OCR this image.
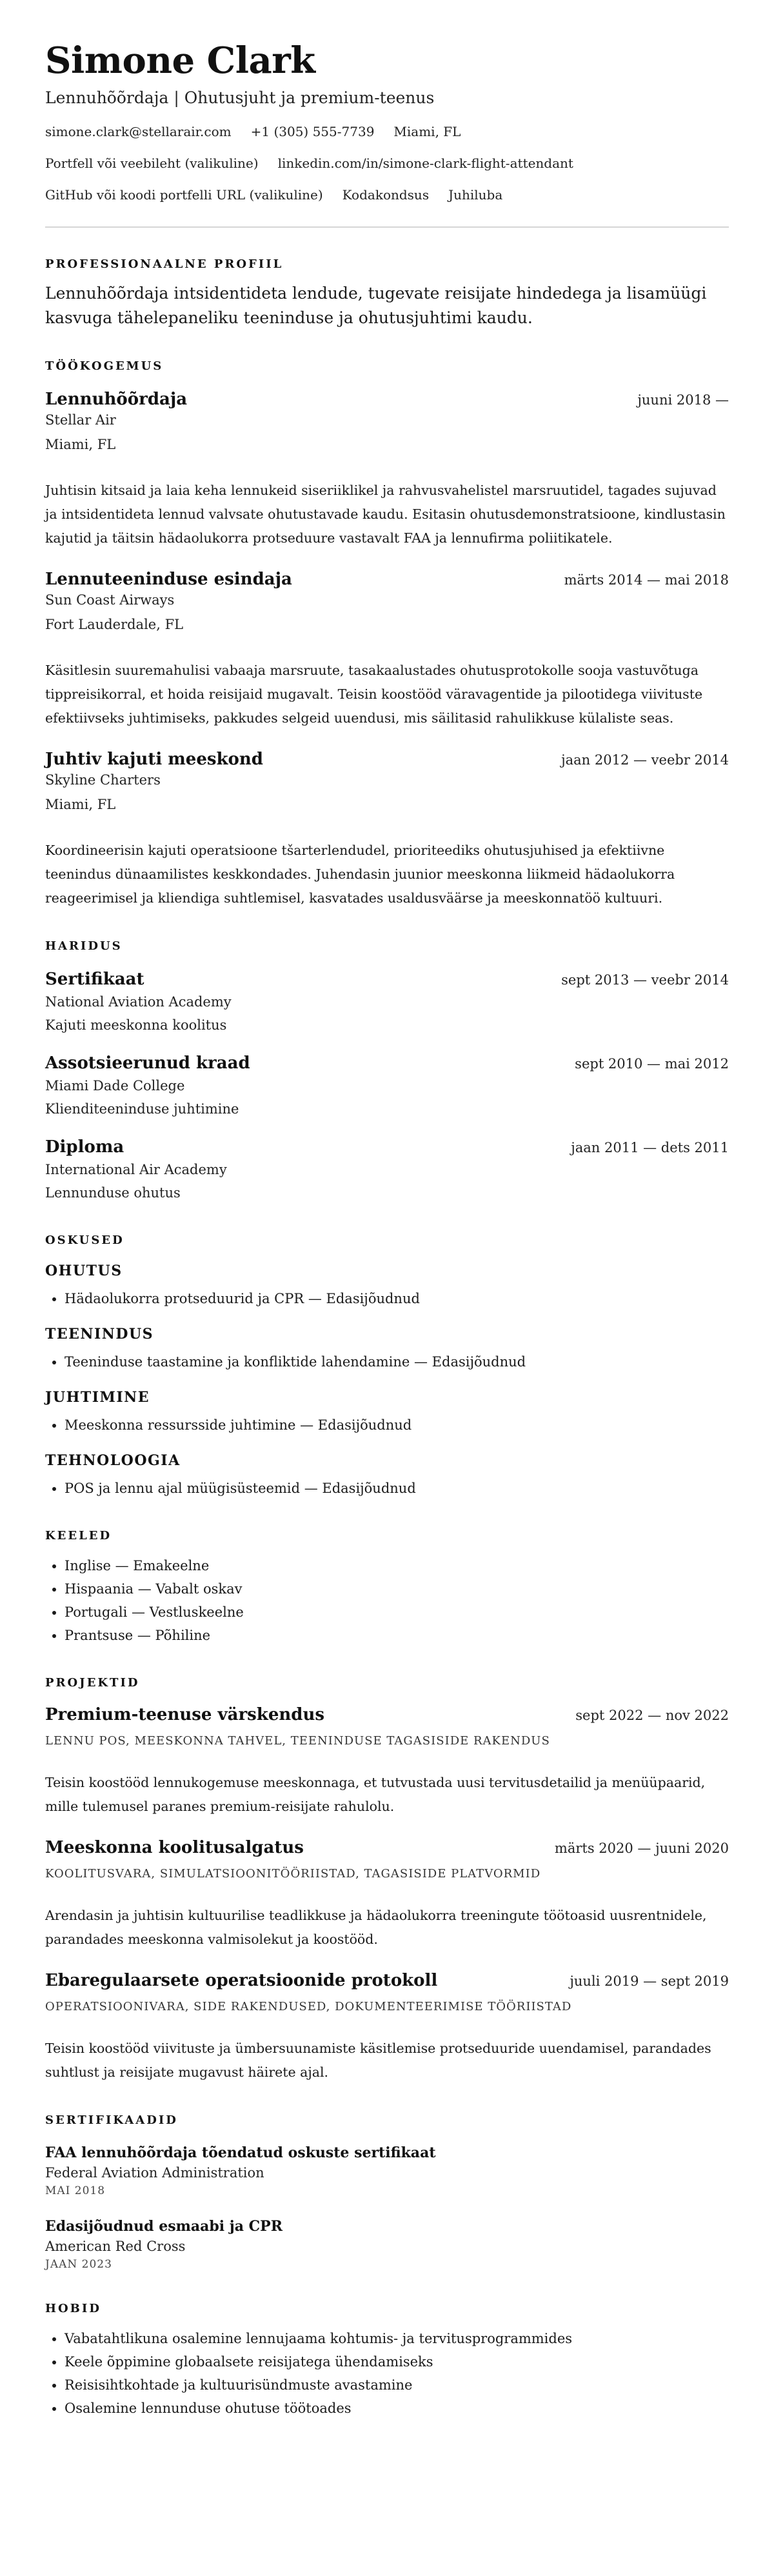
Simone Clark
Lennuhõõrdaja | Ohutusjuht ja premium-teenus
simone.clark@stellarair.com +1 (305) 555-7739 Miami, FL
Portfell või veebileht (valikuline) linkedin.com/in/simone-clark-flight-attendant
GitHub või koodi portfelli URL (valikuline) Kodakondsus Juhiluba
PROFESSIONAALNE PROFIIL
Lennuhõõrdaja intsidentideta lendude, tugevate reisijate hindedega ja lisamüügi kasvuga tähelepaneliku teeninduse ja ohutusjuhtimi kaudu.
TÖÖKOGEMUS
Lennuhõõrdaja	juuni 2018 —
Stellar Air
Miami, FL
Juhtisin kitsaid ja laia keha lennukeid siseriiklikel ja rahvusvahelistel marsruutidel, tagades sujuvad ja intsidentideta lennud valvsate ohutustavade kaudu. Esitasin ohutusdemonstratsioone, kindlustasin kajutid ja täitsin hädaolukorra protseduure vastavalt FAA ja lennufirma poliitikatele.
Lennuteeninduse esindaja	märts 2014 — mai 2018
Sun Coast Airways
Fort Lauderdale, FL
Käsitlesin suuremahulisi vabaaja marsruute, tasakaalustades ohutusprotokolle sooja vastuvõtuga tippreisikorral, et hoida reisijaid mugavalt. Teisin koostööd väravagentide ja pilootidega viivituste efektiivseks juhtimiseks, pakkudes selgeid uuendusi, mis säilitasid rahulikkuse külaliste seas.
Juhtiv kajuti meeskond	jaan 2012 — veebr 2014
Skyline Charters
Miami, FL
Koordineerisin kajuti operatsioone tšarterlendudel, prioriteediks ohutusjuhised ja efektiivne teenindus dünaamilistes keskkondades. Juhendasin juunior meeskonna liikmeid hädaolukorra reageerimisel ja kliendiga suhtlemisel, kasvatades usaldusväärse ja meeskonnatöö kultuuri.
HARIDUS
Sertifikaat	sept 2013 — veebr 2014
National Aviation Academy
Kajuti meeskonna koolitus
Assotsieerunud kraad	sept 2010 — mai 2012
Miami Dade College
Klienditeeninduse juhtimine
Diploma	jaan 2011 — dets 2011
International Air Academy
Lennunduse ohutus
OSKUSED
OHUTUS
• Hädaolukorra protseduurid ja CPR — Edasijõudnud
TEENINDUS
• Teeninduse taastamine ja konfliktide lahendamine — Edasijõudnud
JUHTIMINE
• Meeskonna ressursside juhtimine — Edasijõudnud
TEHNOLOOGIA
• POS ja lennu ajal müügisüsteemid — Edasijõudnud
KEELED
• Inglise — Emakeelne
• Hispaania — Vabalt oskav
• Portugali — Vestluskeelne
• Prantsuse — Põhiline
PROJEKTID
Premium-teenuse värskendus	sept 2022 — nov 2022
LENNU POS, MEESKONNA TAHVEL, TEENINDUSE TAGASISIDE RAKENDUS
Teisin koostööd lennukogemuse meeskonnaga, et tutvustada uusi tervitusdetailid ja menüüpaarid, mille tulemusel paranes premium-reisijate rahulolu.
Meeskonna koolitusalgatus	märts 2020 — juuni 2020
KOOLITUSVARA, SIMULATSIOONITÖÖRIISTAD, TAGASISIDE PLATVORMID
Arendasin ja juhtisin kultuurilise teadlikkuse ja hädaolukorra treeningute töötoasid uusrentnidele, parandades meeskonna valmisolekut ja koostööd.
Ebaregulaarsete operatsioonide protokoll	juuli 2019 — sept 2019
OPERATSIOONIVARA, SIDE RAKENDUSED, DOKUMENTEERIMISE TÖÖRIISTAD
Teisin koostööd viivituste ja ümbersuunamiste käsitlemise protseduuride uuendamisel, parandades suhtlust ja reisijate mugavust häirete ajal.
SERTIFIKAADID
FAA lennuhõõrdaja tõendatud oskuste sertifikaat
Federal Aviation Administration
MAI 2018
Edasijõudnud esmaabi ja CPR
American Red Cross
JAAN 2023
HOBID
• Vabatahtlikuna osalemine lennujaama kohtumis- ja tervitusprogrammides
• Keele õppimine globaalsete reisijatega ühendamiseks
• Reisisihtkohtade ja kultuurisündmuste avastamine
• Osalemine lennunduse ohutuse töötoades
